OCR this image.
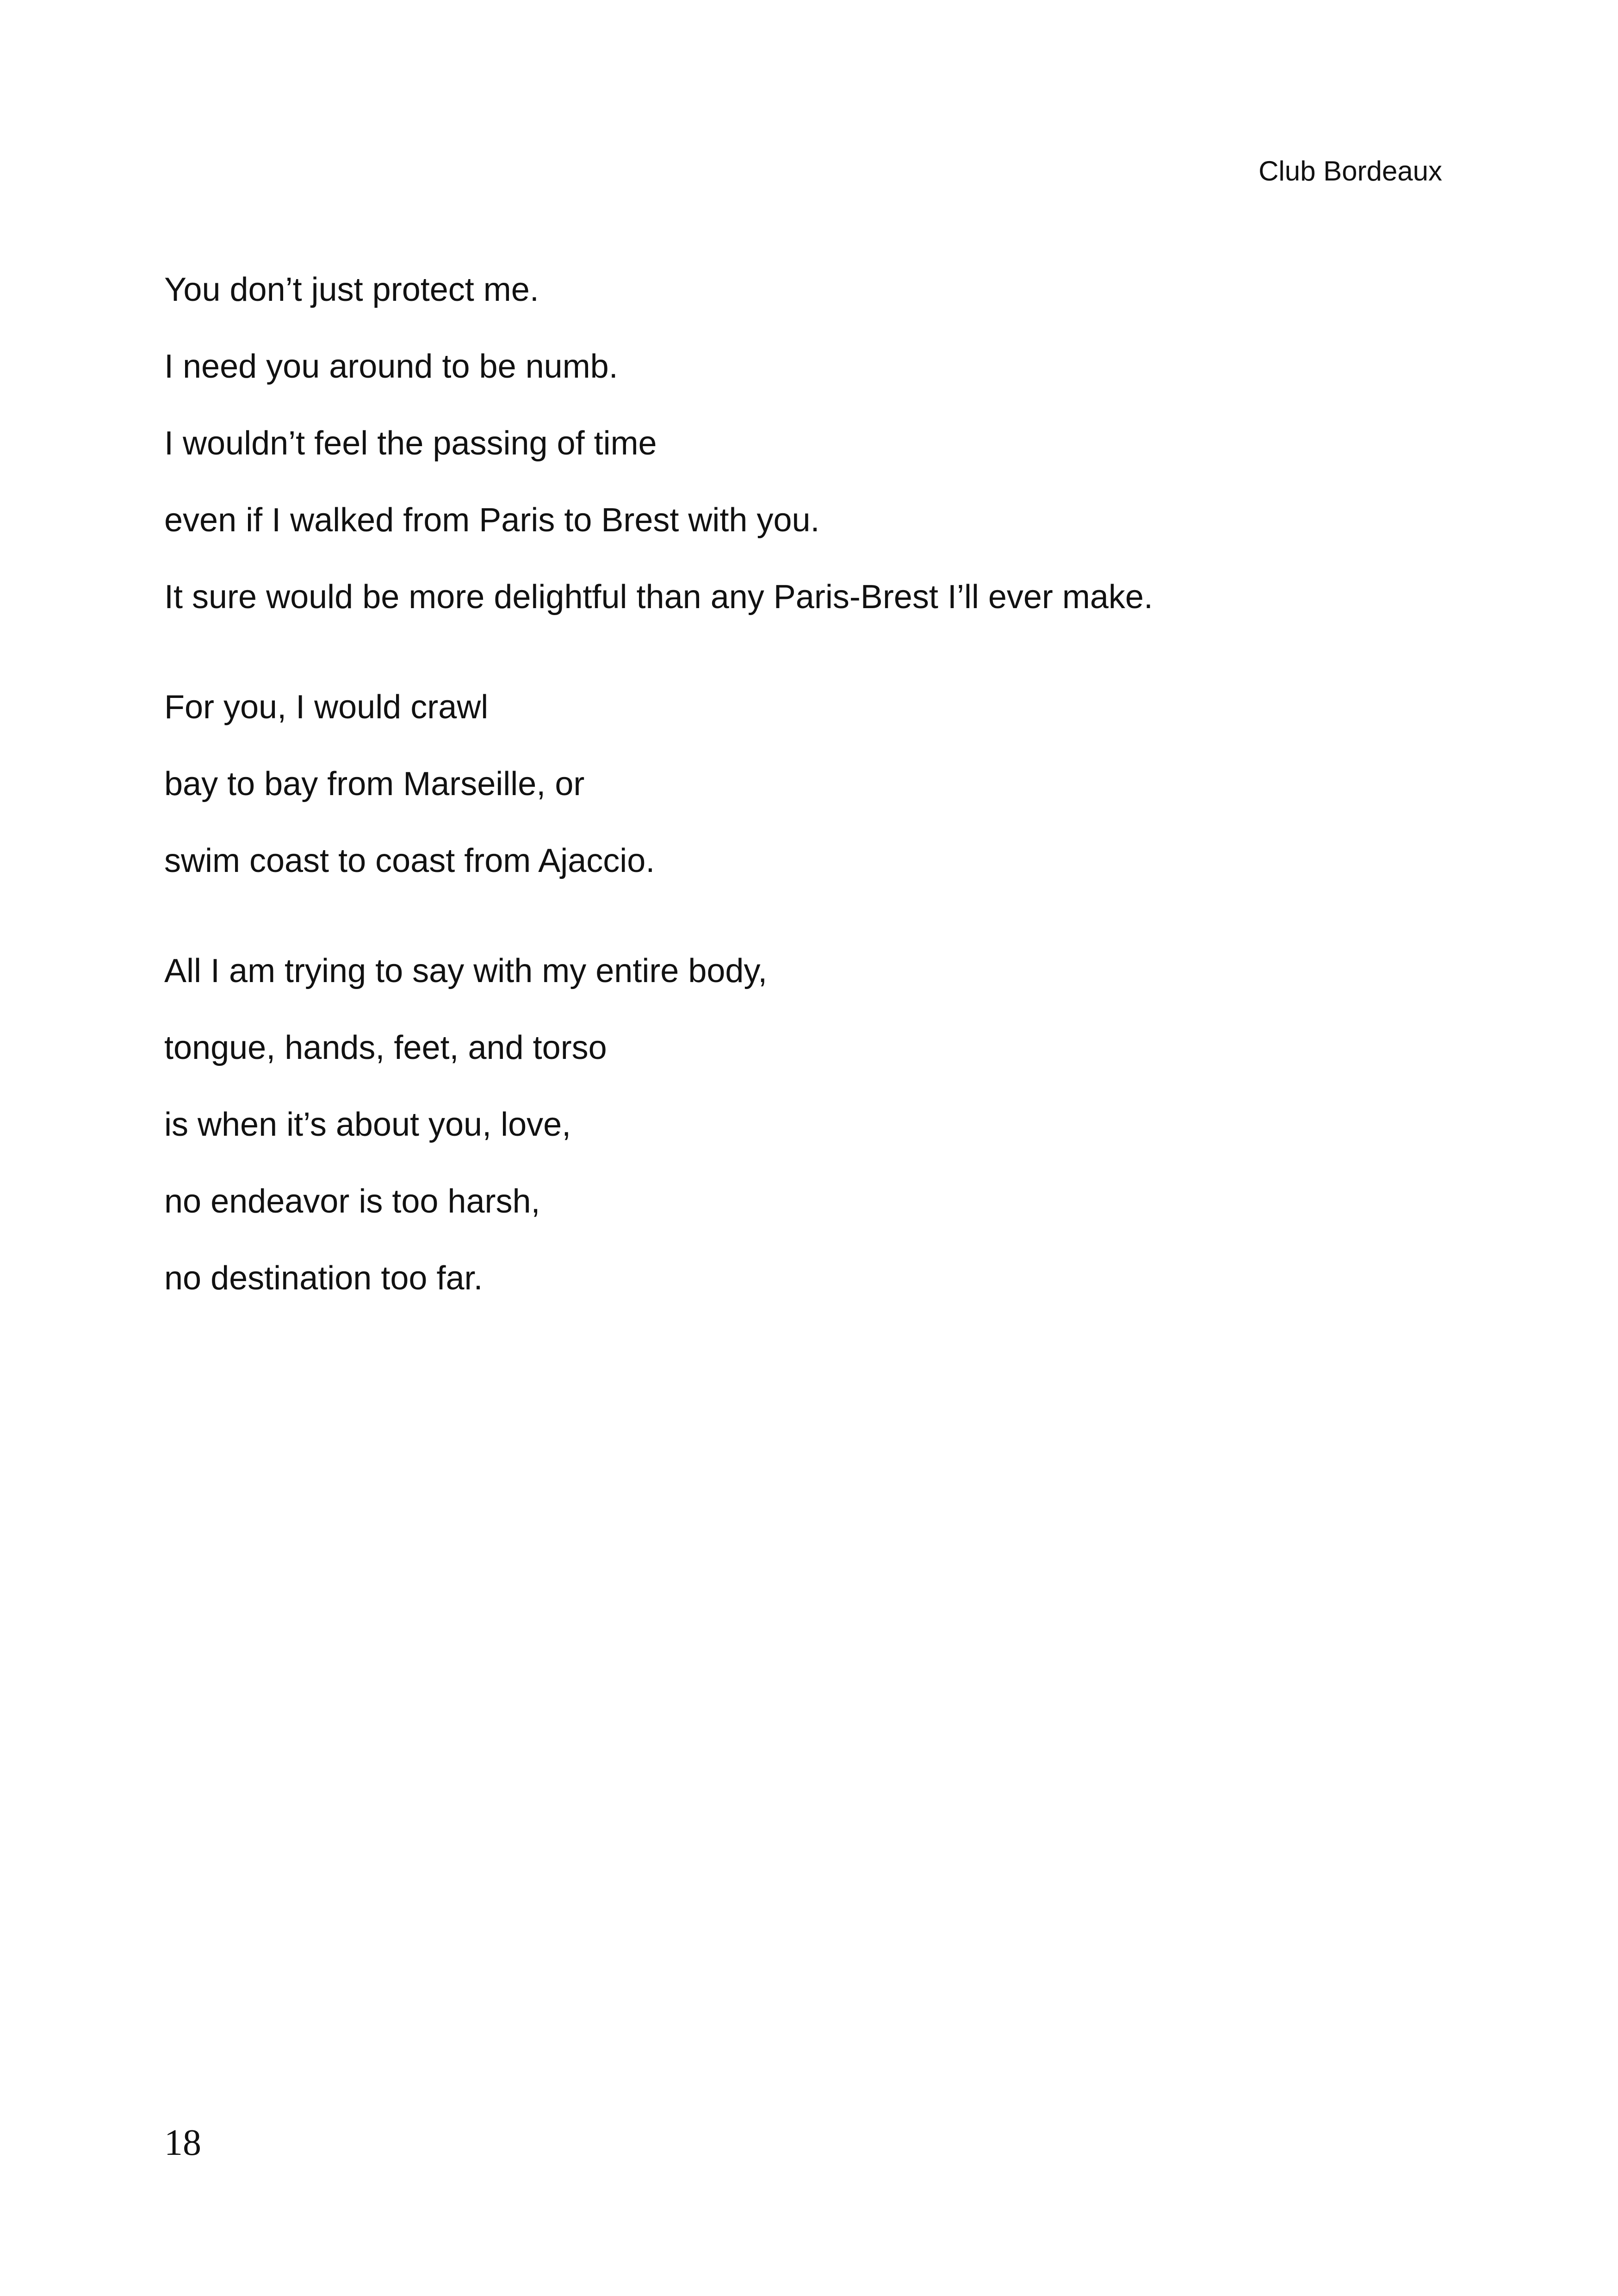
Club Bordeaux
You don’t just protect me.
I need you around to be numb.
I wouldn’t feel the passing of time
even if I walked from Paris to Brest with you.
It sure would be more delightful than any Paris-Brest I’ll ever make.
For you, I would crawl
bay to bay from Marseille, or
swim coast to coast from Ajaccio.
All I am trying to say with my entire body,
tongue, hands, feet, and torso
is when it’s about you, love,
no endeavor is too harsh,
no destination too far.
18
